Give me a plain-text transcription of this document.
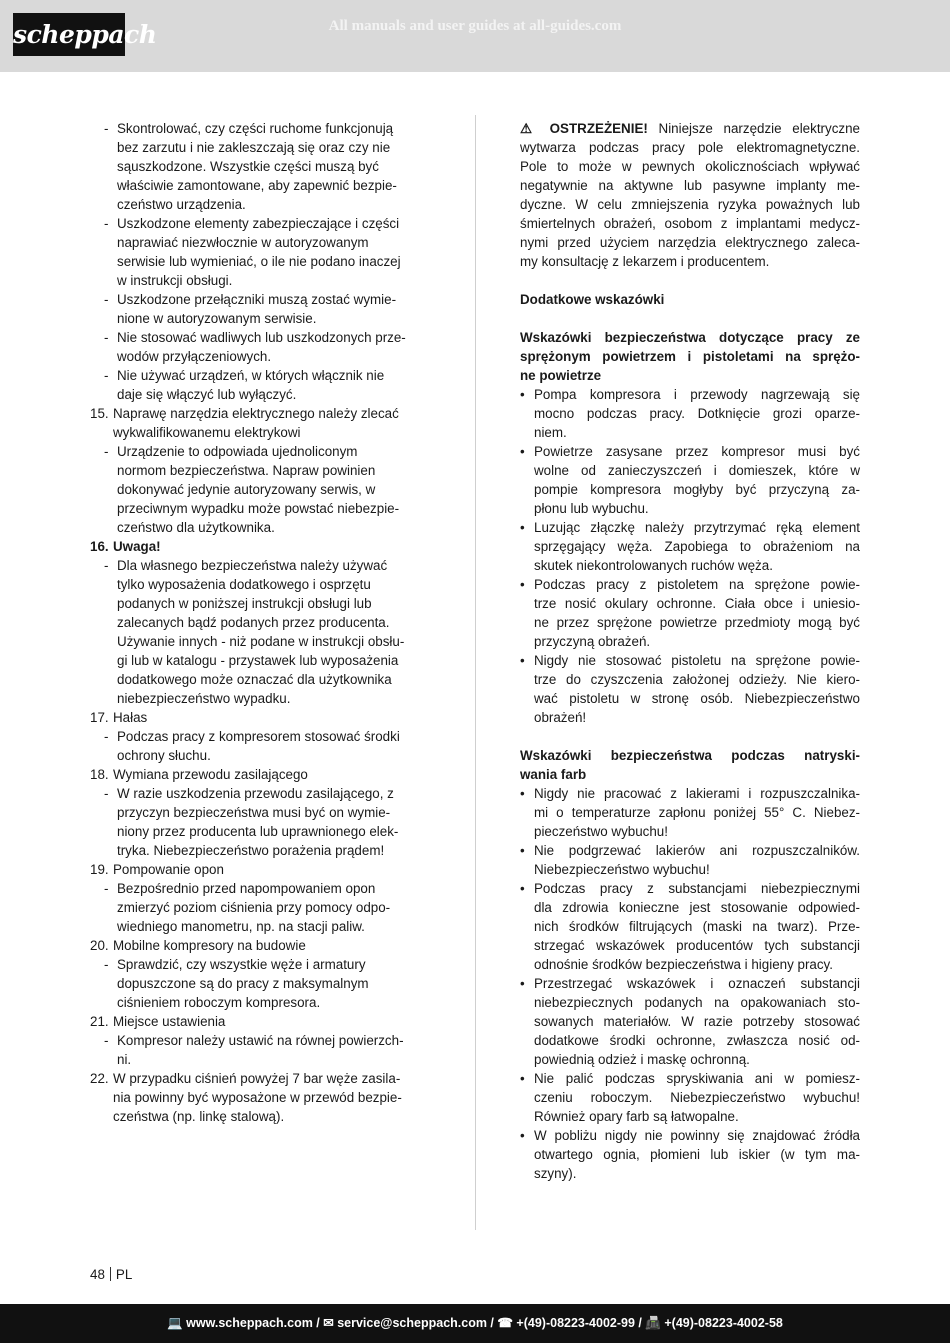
scheppach	All manuals and user guides at all-guides.com
- Skontrolować, czy części ruchome funkcjonują
bez zarzutu i nie zakleszczają się oraz czy nie
sąuszkodzone. Wszystkie części muszą być
właściwie zamontowane, aby zapewnić bezpie-
czeństwo urządzenia.
- Uszkodzone elementy zabezpieczające i części
naprawiać niezwłocznie w autoryzowanym
serwisie lub wymieniać, o ile nie podano inaczej
w instrukcji obsługi.
- Uszkodzone przełączniki muszą zostać wymie-
nione w autoryzowanym serwisie.
- Nie stosować wadliwych lub uszkodzonych prze-
wodów przyłączeniowych.
- Nie używać urządzeń, w których włącznik nie
daje się włączyć lub wyłączyć.
15. Naprawę narzędzia elektrycznego należy zlecać
wykwalifikowanemu elektrykowi
- Urządzenie to odpowiada ujednoliconym
normom bezpieczeństwa. Napraw powinien
dokonywać jedynie autoryzowany serwis, w
przeciwnym wypadku może powstać niebezpie-
czeństwo dla użytkownika.
16. Uwaga!
- Dla własnego bezpieczeństwa należy używać
tylko wyposażenia dodatkowego i osprzętu
podanych w poniższej instrukcji obsługi lub
zalecanych bądź podanych przez producenta.
Używanie innych - niż podane w instrukcji obsłu-
gi lub w katalogu - przystawek lub wyposażenia
dodatkowego może oznaczać dla użytkownika
niebezpieczeństwo wypadku.
17. Hałas
- Podczas pracy z kompresorem stosować środki
ochrony słuchu.
18. Wymiana przewodu zasilającego
- W razie uszkodzenia przewodu zasilającego, z
przyczyn bezpieczeństwa musi być on wymie-
niony przez producenta lub uprawnionego elek-
tryka. Niebezpieczeństwo porażenia prądem!
19. Pompowanie opon
- Bezpośrednio przed napompowaniem opon
zmierzyć poziom ciśnienia przy pomocy odpo-
wiedniego manometru, np. na stacji paliw.
20. Mobilne kompresory na budowie
- Sprawdzić, czy wszystkie węże i armatury
dopuszczone są do pracy z maksymalnym
ciśnieniem roboczym kompresora.
21. Miejsce ustawienia
- Kompresor należy ustawić na równej powierzch-
ni.
22. W przypadku ciśnień powyżej 7 bar węże zasila-
nia powinny być wyposażone w przewód bezpie-
czeństwa (np. linkę stalową).
⚠ OSTRZEŻENIE! Niniejsze narzędzie elektryczne
wytwarza podczas pracy pole elektromagnetyczne.
Pole to może w pewnych okolicznościach wpływać
negatywnie na aktywne lub pasywne implanty me-
dyczne. W celu zmniejszenia ryzyka poważnych lub
śmiertelnych obrażeń, osobom z implantami medycz-
nymi przed użyciem narzędzia elektrycznego zaleca-
my konsultację z lekarzem i producentem.
Dodatkowe wskazówki
Wskazówki bezpieczeństwa dotyczące pracy ze
sprężonym powietrzem i pistoletami na sprężo-
ne powietrze
• Pompa kompresora i przewody nagrzewają się
mocno podczas pracy. Dotknięcie grozi oparze-
niem.
• Powietrze zasysane przez kompresor musi być
wolne od zanieczyszczeń i domieszek, które w
pompie kompresora mogłyby być przyczyną za-
płonu lub wybuchu.
• Luzując złączkę należy przytrzymać ręką element
sprzęgający węża. Zapobiega to obrażeniom na
skutek niekontrolowanych ruchów węża.
• Podczas pracy z pistoletem na sprężone powie-
trze nosić okulary ochronne. Ciała obce i uniesio-
ne przez sprężone powietrze przedmioty mogą być
przyczyną obrażeń.
• Nigdy nie stosować pistoletu na sprężone powie-
trze do czyszczenia założonej odzieży. Nie kiero-
wać pistoletu w stronę osób. Niebezpieczeństwo
obrażeń!
Wskazówki bezpieczeństwa podczas natryski-
wania farb
• Nigdy nie pracować z lakierami i rozpuszczalnika-
mi o temperaturze zapłonu poniżej 55° C. Niebez-
pieczeństwo wybuchu!
• Nie podgrzewać lakierów ani rozpuszczalników.
Niebezpieczeństwo wybuchu!
• Podczas pracy z substancjami niebezpiecznymi
dla zdrowia konieczne jest stosowanie odpowied-
nich środków filtrujących (maski na twarz). Prze-
strzegać wskazówek producentów tych substancji
odnośnie środków bezpieczeństwa i higieny pracy.
• Przestrzegać wskazówek i oznaczeń substancji
niebezpiecznych podanych na opakowaniach sto-
sowanych materiałów. W razie potrzeby stosować
dodatkowe środki ochronne, zwłaszcza nosić od-
powiednią odzież i maskę ochronną.
• Nie palić podczas spryskiwania ani w pomiesz-
czeniu roboczym. Niebezpieczeństwo wybuchu!
Również opary farb są łatwopalne.
• W pobliżu nigdy nie powinny się znajdować źródła
otwartego ognia, płomieni lub iskier (w tym ma-
szyny).
48 PL
💻 www.scheppach.com / ✉ service@scheppach.com / ☎ +(49)-08223-4002-99 / 📠 +(49)-08223-4002-58
